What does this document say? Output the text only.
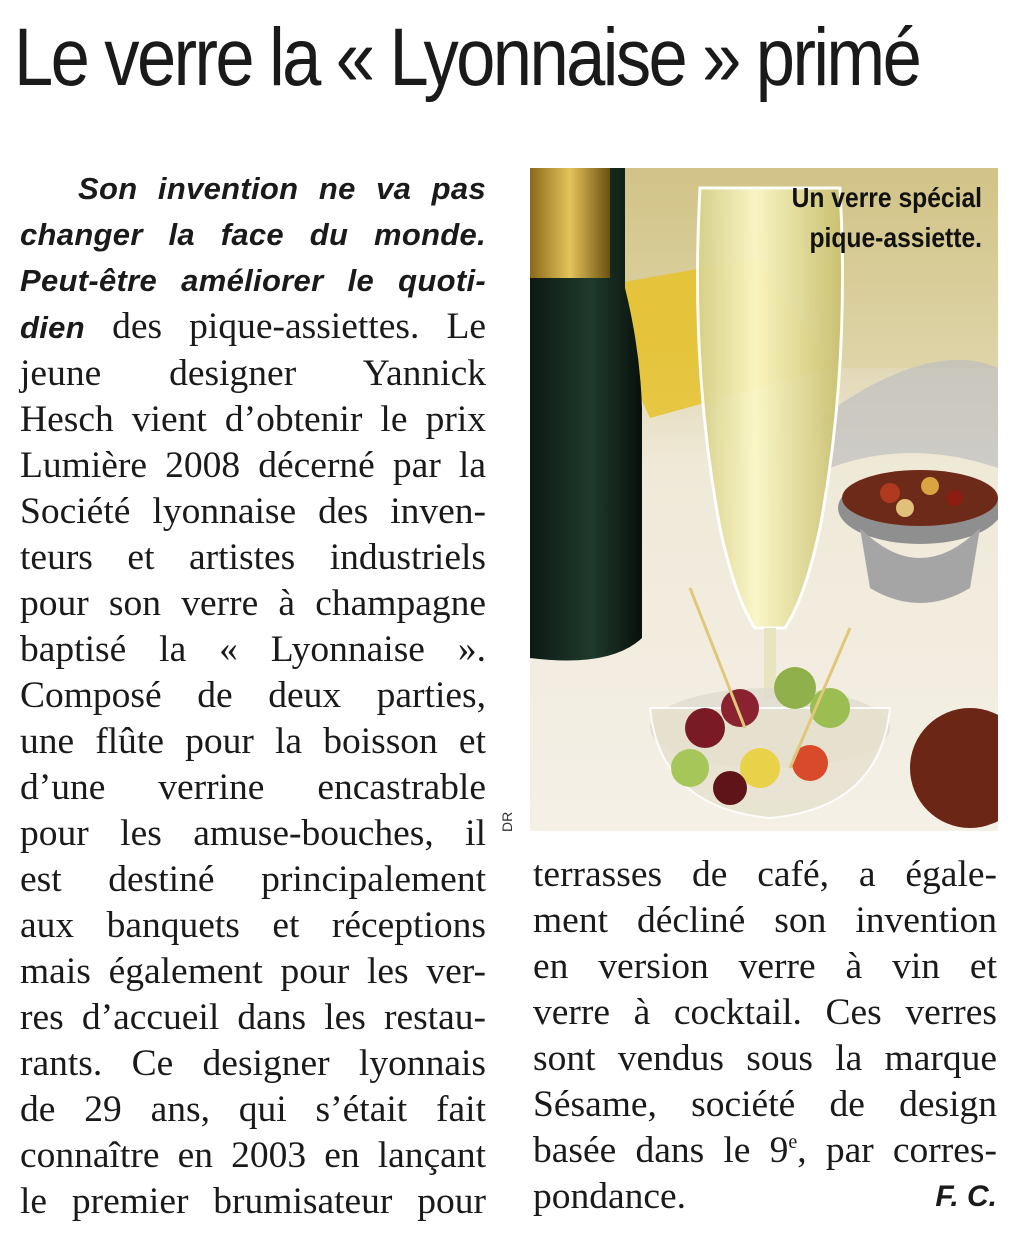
Le verre la « Lyonnaise » primé
Son invention ne va pas
changer la face du monde.
Peut-être améliorer le quoti-
dien des pique-assiettes. Le
jeune designer Yannick
Hesch vient d’obtenir le prix
Lumière 2008 décerné par la
Société lyonnaise des inven-
teurs et artistes industriels
pour son verre à champagne
baptisé la « Lyonnaise ».
Composé de deux parties,
une flûte pour la boisson et
d’une verrine encastrable
pour les amuse-bouches, il
est destiné principalement
aux banquets et réceptions
mais également pour les ver-
res d’accueil dans les restau-
rants. Ce designer lyonnais
de 29 ans, qui s’était fait
connaître en 2003 en lançant
le premier brumisateur pour
Un verre spécial
pique-assiette.
DR
terrasses de café, a égale-
ment décliné son invention
en version verre à vin et
verre à cocktail. Ces verres
sont vendus sous la marque
Sésame, société de design
basée dans le 9e, par corres-
pondance.	F. C.
